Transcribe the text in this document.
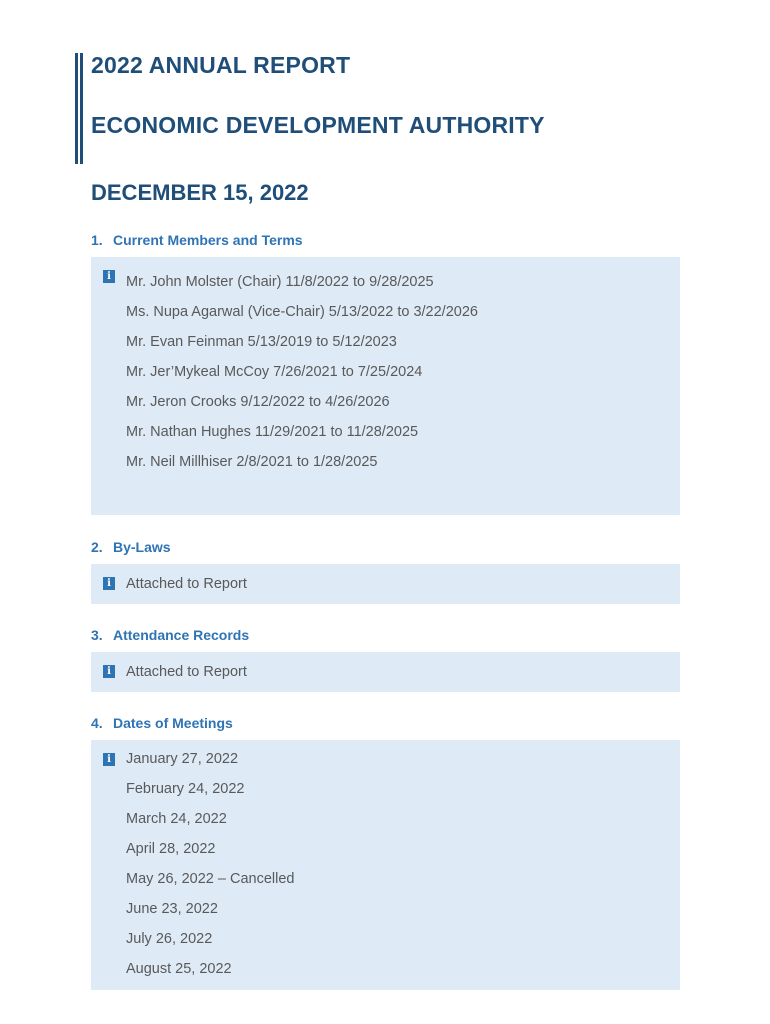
2022 ANNUAL REPORT
ECONOMIC DEVELOPMENT AUTHORITY
DECEMBER 15, 2022
1. Current Members and Terms
i Mr. John Molster (Chair) 11/8/2022 to 9/28/2025
Ms. Nupa Agarwal (Vice-Chair) 5/13/2022 to 3/22/2026
Mr. Evan Feinman 5/13/2019 to 5/12/2023
Mr. Jer’Mykeal McCoy 7/26/2021 to 7/25/2024
Mr. Jeron Crooks 9/12/2022 to 4/26/2026
Mr. Nathan Hughes 11/29/2021 to 11/28/2025
Mr. Neil Millhiser 2/8/2021 to 1/28/2025
2. By-Laws
i Attached to Report
3. Attendance Records
i Attached to Report
4. Dates of Meetings
i January 27, 2022
February 24, 2022
March 24, 2022
April 28, 2022
May 26, 2022 – Cancelled
June 23, 2022
July 26, 2022
August 25, 2022
